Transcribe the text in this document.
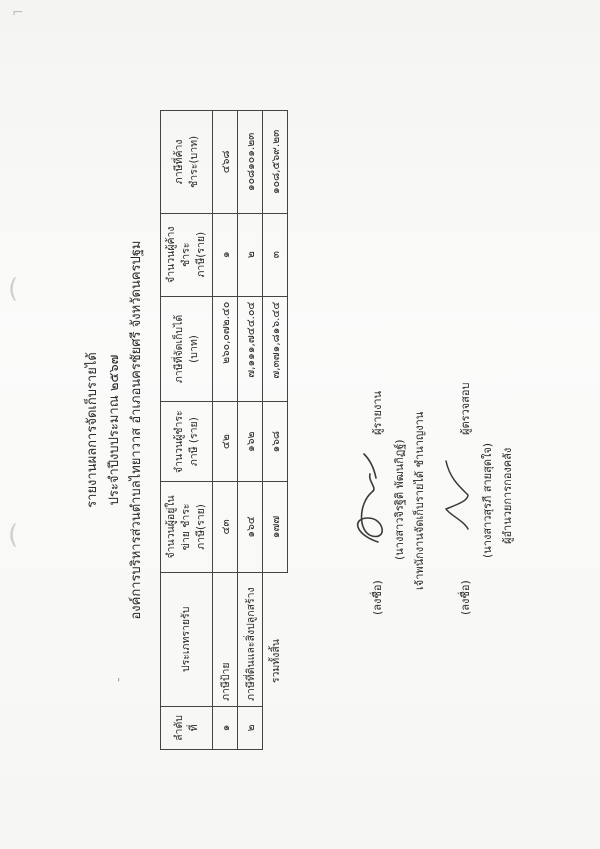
⌐
'
(
(
รายงานผลการจัดเก็บรายได้ ประจำปีงบประมาณ ๒๕๖๗ องค์การบริหารส่วนตำบลไทยาวาส อำเภอนครชัยศรี จังหวัดนครปฐม
ลำดับที่	ประเภทรายรับ	จำนวนผู้อยู่ในข่าย ชำระภาษี(ราย)	จำนวนผู้ชำระภาษี (ราย)	ภาษีที่จัดเก็บได้ (บาท)	จำนวนผู้ค้างชำระ ภาษี(ราย)	ภาษีที่ค้างชำระ(บาท)
๑	ภาษีป้าย	๔๓	๔๒	๒๖๐,๐๗๒.๔๐	๑	๔๖๘
๒	ภาษีที่ดินและสิ่งปลูกสร้าง	๑๖๔	๑๖๒	๗,๑๑๑,๗๔๔.๐๔	๒	๑๐๘๑๐๑.๒๓
รวมทั้งสิ้น		๑๗๗	๑๖๘	๗,๓๗๑,๘๑๖.๔๔	๓	๑๐๘,๕๖๙.๒๓
(ลงชื่อ)
ผู้รายงาน
(นางสาวจิรฐิติ พัฒนกิฏฐ์) เจ้าพนักงานจัดเก็บรายได้ ชำนาญงาน
(ลงชื่อ)
ผู้ตรวจสอบ
(นางสาวสุรภี สายสุดใจ) ผู้อำนวยการกองคลัง
